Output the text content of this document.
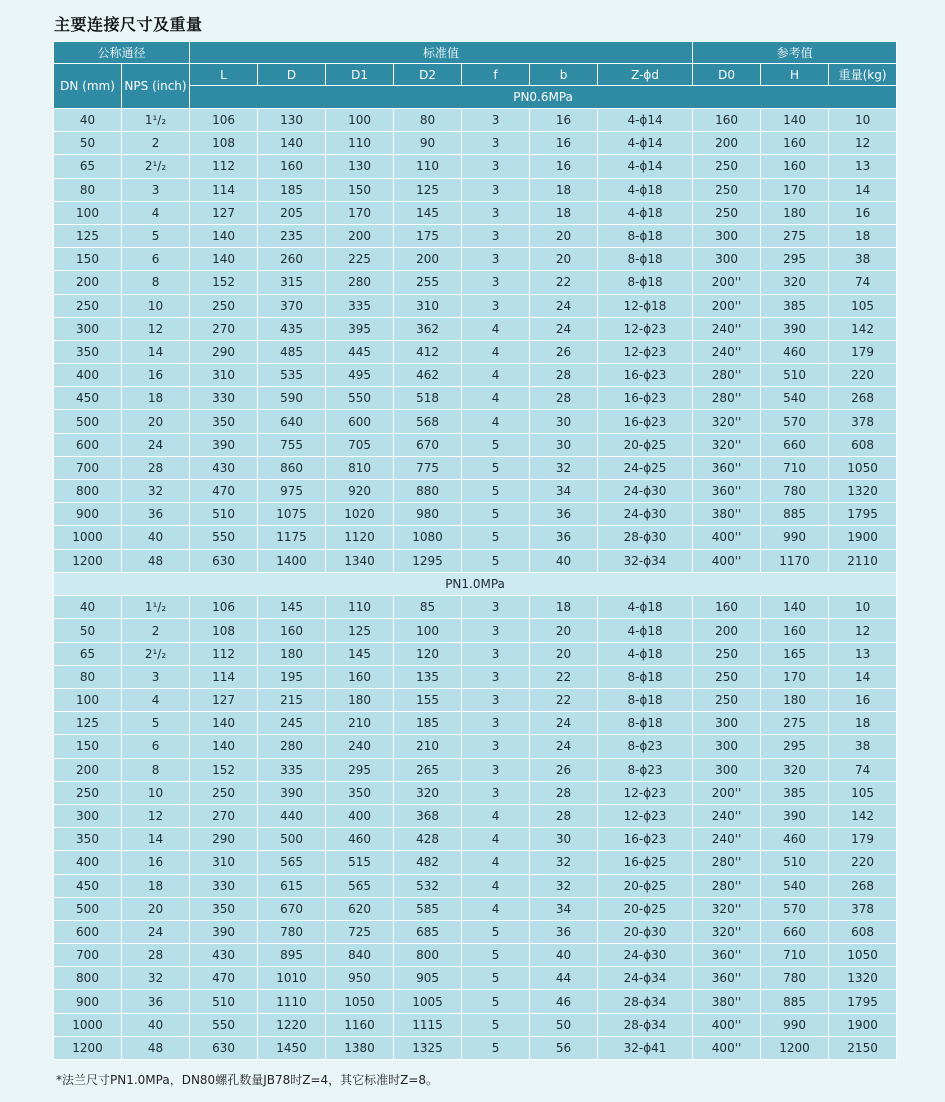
主要连接尺寸及重量
公称通径		标准值							参考值		
DN (mm)	NPS (inch)	L	D	D1	D2	f	b	Z-ϕd	D0	H	重量(kg)
		PN0.6MPa									
40	1¹/₂	106	130	100	80	3	16	4-ϕ14	160	140	10
50	2	108	140	110	90	3	16	4-ϕ14	200	160	12
65	2¹/₂	112	160	130	110	3	16	4-ϕ14	250	160	13
80	3	114	185	150	125	3	18	4-ϕ18	250	170	14
100	4	127	205	170	145	3	18	4-ϕ18	250	180	16
125	5	140	235	200	175	3	20	8-ϕ18	300	275	18
150	6	140	260	225	200	3	20	8-ϕ18	300	295	38
200	8	152	315	280	255	3	22	8-ϕ18	200''	320	74
250	10	250	370	335	310	3	24	12-ϕ18	200''	385	105
300	12	270	435	395	362	4	24	12-ϕ23	240''	390	142
350	14	290	485	445	412	4	26	12-ϕ23	240''	460	179
400	16	310	535	495	462	4	28	16-ϕ23	280''	510	220
450	18	330	590	550	518	4	28	16-ϕ23	280''	540	268
500	20	350	640	600	568	4	30	16-ϕ23	320''	570	378
600	24	390	755	705	670	5	30	20-ϕ25	320''	660	608
700	28	430	860	810	775	5	32	24-ϕ25	360''	710	1050
800	32	470	975	920	880	5	34	24-ϕ30	360''	780	1320
900	36	510	1075	1020	980	5	36	24-ϕ30	380''	885	1795
1000	40	550	1175	1120	1080	5	36	28-ϕ30	400''	990	1900
1200	48	630	1400	1340	1295	5	40	32-ϕ34	400''	1170	2110
PN1.0MPa											
40	1¹/₂	106	145	110	85	3	18	4-ϕ18	160	140	10
50	2	108	160	125	100	3	20	4-ϕ18	200	160	12
65	2¹/₂	112	180	145	120	3	20	4-ϕ18	250	165	13
80	3	114	195	160	135	3	22	8-ϕ18	250	170	14
100	4	127	215	180	155	3	22	8-ϕ18	250	180	16
125	5	140	245	210	185	3	24	8-ϕ18	300	275	18
150	6	140	280	240	210	3	24	8-ϕ23	300	295	38
200	8	152	335	295	265	3	26	8-ϕ23	300	320	74
250	10	250	390	350	320	3	28	12-ϕ23	200''	385	105
300	12	270	440	400	368	4	28	12-ϕ23	240''	390	142
350	14	290	500	460	428	4	30	16-ϕ23	240''	460	179
400	16	310	565	515	482	4	32	16-ϕ25	280''	510	220
450	18	330	615	565	532	4	32	20-ϕ25	280''	540	268
500	20	350	670	620	585	4	34	20-ϕ25	320''	570	378
600	24	390	780	725	685	5	36	20-ϕ30	320''	660	608
700	28	430	895	840	800	5	40	24-ϕ30	360''	710	1050
800	32	470	1010	950	905	5	44	24-ϕ34	360''	780	1320
900	36	510	1110	1050	1005	5	46	28-ϕ34	380''	885	1795
1000	40	550	1220	1160	1115	5	50	28-ϕ34	400''	990	1900
1200	48	630	1450	1380	1325	5	56	32-ϕ41	400''	1200	2150
*法兰尺寸PN1.0MPa，DN80螺孔数量JB78时Z=4，其它标准时Z=8。
